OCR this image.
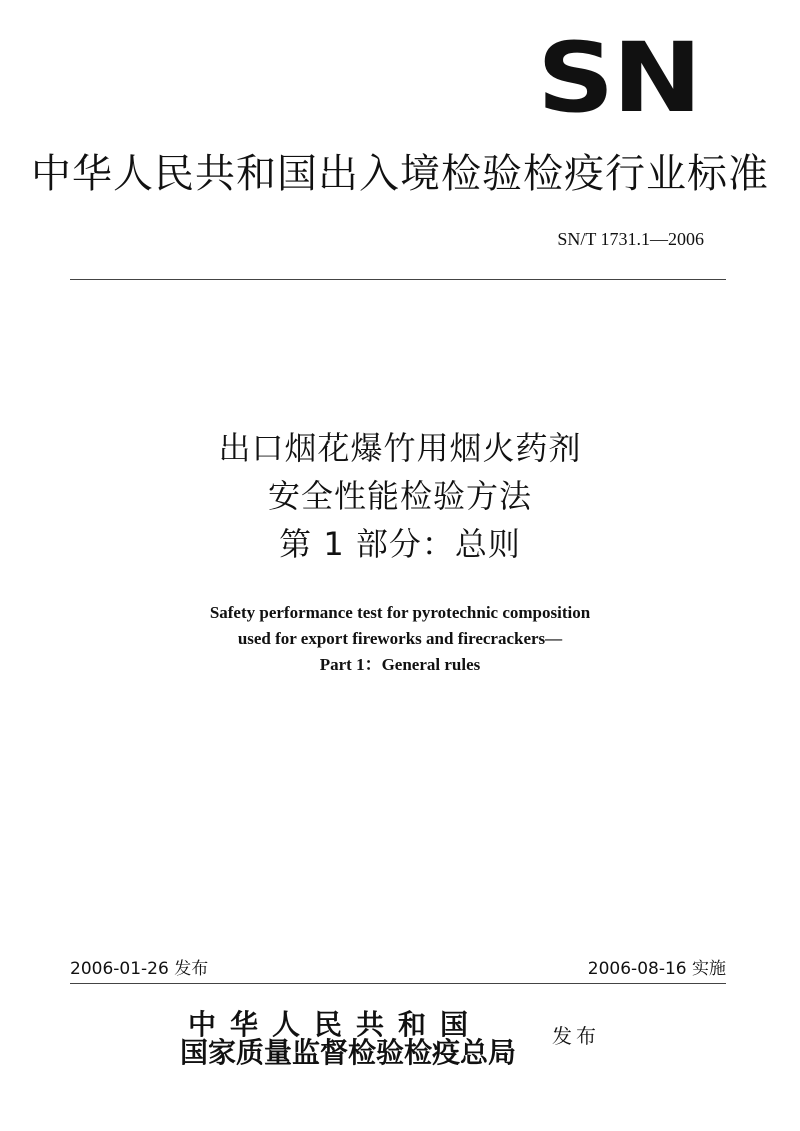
SN
中华人民共和国出入境检验检疫行业标准
SN/T 1731.1—2006
出口烟花爆竹用烟火药剂
安全性能检验方法
第 1 部分：总则
Safety performance test for pyrotechnic composition
used for export fireworks and firecrackers—
Part 1：General rules
2006-01-26 发布	2006-08-16 实施
中华人民共和国
国家质量监督检验检疫总局 发布
